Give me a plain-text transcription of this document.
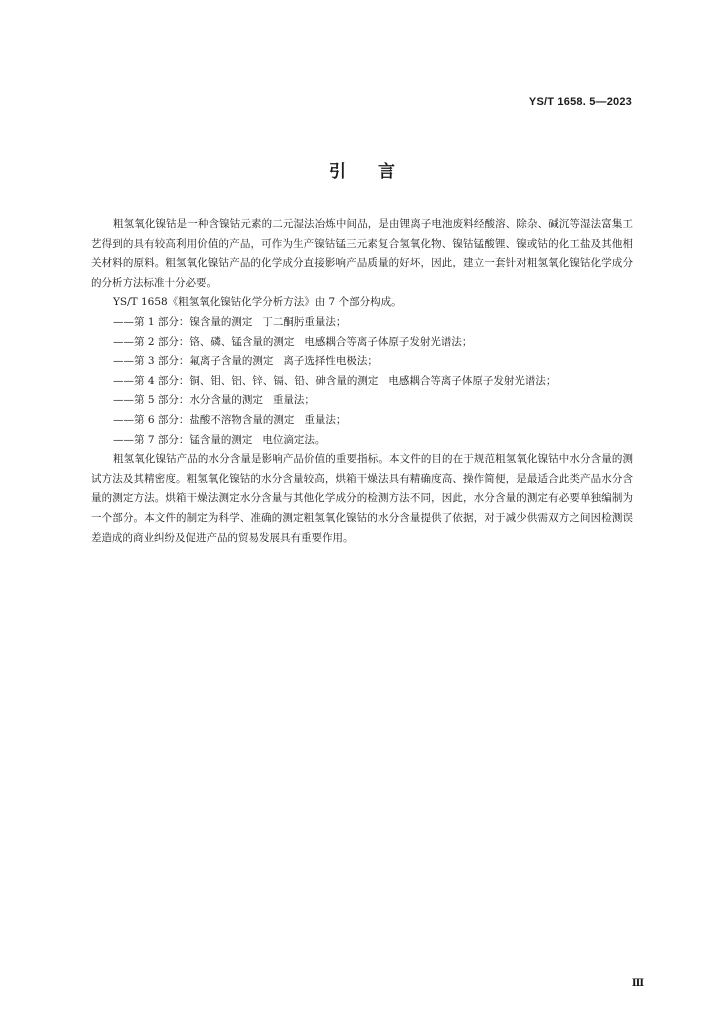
YS/T 1658. 5—2023
引言

粗氢氧化镍钴是一种含镍钴元素的二元湿法冶炼中间品，是由锂离子电池废料经酸溶、除杂、碱沉等湿法富集工艺得到的具有较高利用价值的产品，可作为生产镍钴锰三元素复合氢氧化物、镍钴锰酸锂、镍或钴的化工盐及其他相关材料的原料。粗氢氧化镍钴产品的化学成分直接影响产品质量的好坏，因此，建立一套针对粗氢氧化镍钴化学成分的分析方法标准十分必要。

YS/T 1658《粗氢氧化镍钴化学分析方法》由 7 个部分构成。

——第 1 部分：镍含量的测定 丁二酮肟重量法；
——第 2 部分：铬、磷、锰含量的测定 电感耦合等离子体原子发射光谱法；
——第 3 部分：氟离子含量的测定 离子选择性电极法；
——第 4 部分：铜、钼、铝、锌、镉、铅、砷含量的测定 电感耦合等离子体原子发射光谱法；
——第 5 部分：水分含量的测定 重量法；
——第 6 部分：盐酸不溶物含量的测定 重量法；
——第 7 部分：锰含量的测定 电位滴定法。

粗氢氧化镍钴产品的水分含量是影响产品价值的重要指标。本文件的目的在于规范粗氢氧化镍钴中水分含量的测试方法及其精密度。粗氢氧化镍钴的水分含量较高，烘箱干燥法具有精确度高、操作简便，是最适合此类产品水分含量的测定方法。烘箱干燥法测定水分含量与其他化学成分的检测方法不同，因此，水分含量的测定有必要单独编制为一个部分。本文件的制定为科学、准确的测定粗氢氧化镍钴的水分含量提供了依据，对于减少供需双方之间因检测误差造成的商业纠纷及促进产品的贸易发展具有重要作用。

Ⅲ
